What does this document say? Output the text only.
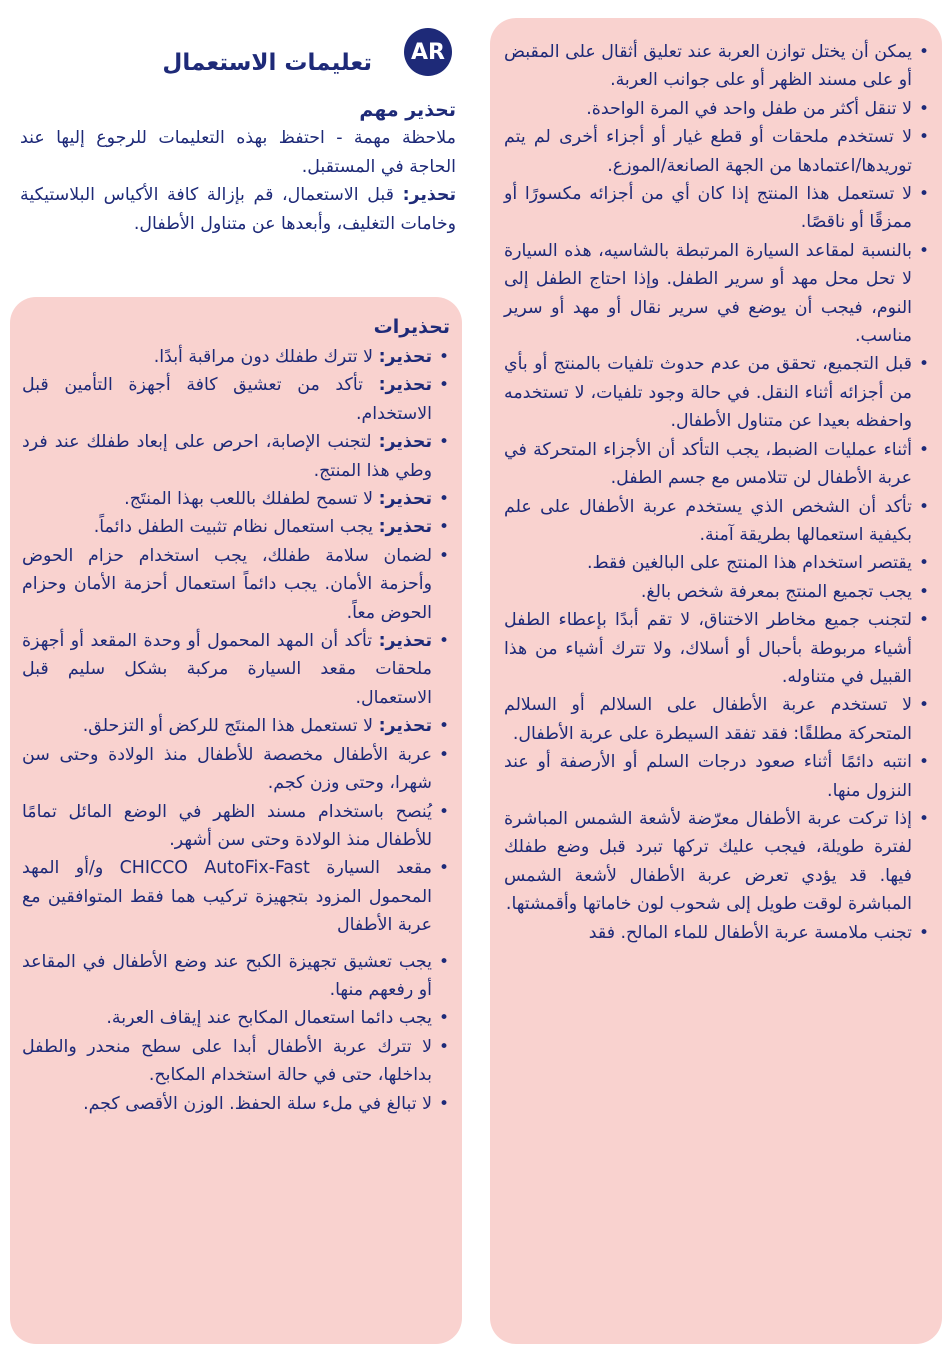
AR
تعليمات الاستعمال
تحذير مهم
ملاحظة مهمة - احتفظ بهذه التعليمات للرجوع إليها عند الحاجة في المستقبل.
تحذير: قبل الاستعمال، قم بإزالة كافة الأكياس البلاستيكية وخامات التغليف، وأبعدها عن متناول الأطفال.
• يمكن أن يختل توازن العربة عند تعليق أثقال على المقبض أو على مسند الظهر أو على جوانب العربة.
• لا تنقل أكثر من طفل واحد في المرة الواحدة.
• لا تستخدم ملحقات أو قطع غيار أو أجزاء أخرى لم يتم توريدها/اعتمادها من الجهة الصانعة/الموزع.
• لا تستعمل هذا المنتج إذا كان أي من أجزائه مكسورًا أو ممزقًا أو ناقصًا.
• بالنسبة لمقاعد السيارة المرتبطة بالشاسيه، هذه السيارة لا تحل محل مهد أو سرير الطفل. وإذا احتاج الطفل إلى النوم، فيجب أن يوضع في سرير نقال أو مهد أو سرير مناسب.
• قبل التجميع، تحقق من عدم حدوث تلفيات بالمنتج أو بأي من أجزائه أثناء النقل. في حالة وجود تلفيات، لا تستخدمه واحفظه بعيدا عن متناول الأطفال.
• أثناء عمليات الضبط، يجب التأكد أن الأجزاء المتحركة في عربة الأطفال لن تتلامس مع جسم الطفل.
• تأكد أن الشخص الذي يستخدم عربة الأطفال على علم بكيفية استعمالها بطريقة آمنة.
• يقتصر استخدام هذا المنتج على البالغين فقط.
• يجب تجميع المنتج بمعرفة شخص بالغ.
• لتجنب جميع مخاطر الاختناق، لا تقم أبدًا بإعطاء الطفل أشياء مربوطة بأحبال أو أسلاك، ولا تترك أشياء من هذا القبيل في متناوله.
• لا تستخدم عربة الأطفال على السلالم أو السلالم المتحركة مطلقًا: فقد تفقد السيطرة على عربة الأطفال.
• انتبه دائمًا أثناء صعود درجات السلم أو الأرصفة أو عند النزول منها.
• إذا تركت عربة الأطفال معرّضة لأشعة الشمس المباشرة لفترة طويلة، فيجب عليك تركها تبرد قبل وضع طفلك فيها. قد يؤدي تعرض عربة الأطفال لأشعة الشمس المباشرة لوقت طويل إلى شحوب لون خاماتها وأقمشتها.
• تجنب ملامسة عربة الأطفال للماء المالح. فقد
تحذيرات
• تحذير: لا تترك طفلك دون مراقبة أبدًا.
• تحذير: تأكد من تعشيق كافة أجهزة التأمين قبل الاستخدام.
• تحذير: لتجنب الإصابة، احرص على إبعاد طفلك عند فرد وطي هذا المنتج.
• تحذير: لا تسمح لطفلك باللعب بهذا المنتَج.
• تحذير: يجب استعمال نظام تثبيت الطفل دائماً.
• لضمان سلامة طفلك، يجب استخدام حزام الحوض وأحزمة الأمان. يجب دائماً استعمال أحزمة الأمان وحزام الحوض معاً.
• تحذير: تأكد أن المهد المحمول أو وحدة المقعد أو أجهزة ملحقات مقعد السيارة مركبة بشكل سليم قبل الاستعمال.
• تحذير: لا تستعمل هذا المنتَج للركض أو التزحلق.
• عربة الأطفال مخصصة للأطفال منذ الولادة وحتى سن شهرا، وحتى وزن كجم.
• يُنصح باستخدام مسند الظهر في الوضع المائل تمامًا للأطفال منذ الولادة وحتى سن أشهر.
• مقعد السيارة CHICCO AutoFix-Fast و/أو المهد المحمول المزود بتجهيزة تركيب هما فقط المتوافقين مع عربة الأطفال
• يجب تعشيق تجهيزة الكبح عند وضع الأطفال في المقاعد أو رفعهم منها.
• يجب دائما استعمال المكابح عند إيقاف العربة.
• لا تترك عربة الأطفال أبدا على سطح منحدر والطفل بداخلها، حتى في حالة استخدام المكابح.
• لا تبالغ في ملء سلة الحفظ. الوزن الأقصى كجم.
